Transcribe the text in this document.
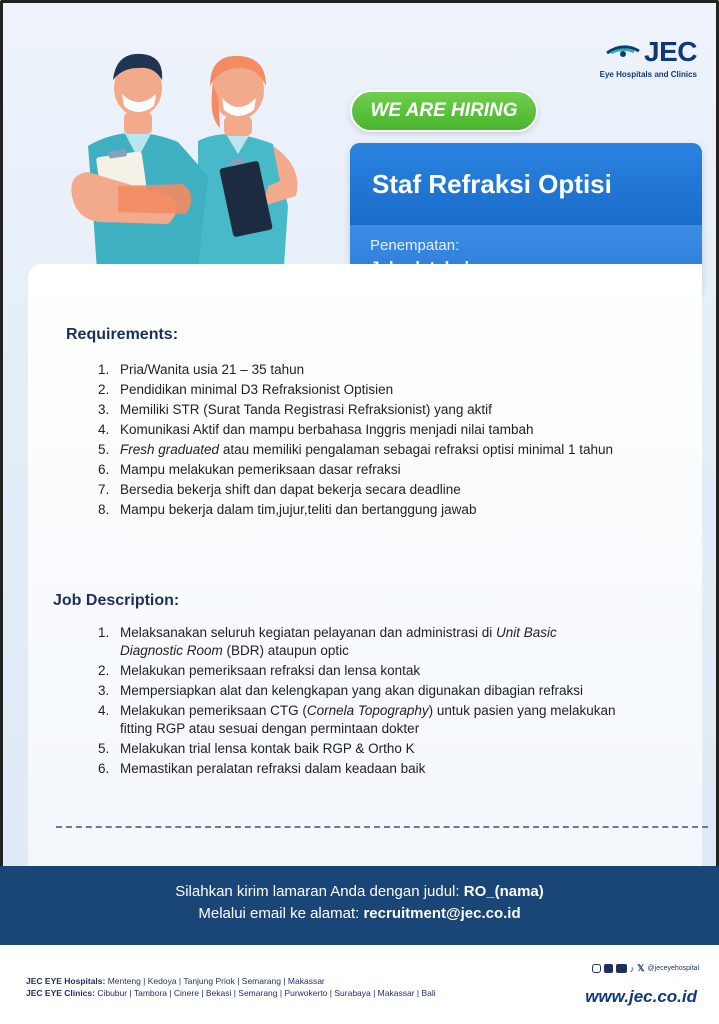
JEC
Eye Hospitals and Clinics
WE ARE HIRING
Staf Refraksi Optisi
Penempatan:
Requirements:
1. Pria/Wanita usia 21 – 35 tahun
2. Pendidikan minimal D3 Refraksionist Optisien
3. Memiliki STR (Surat Tanda Registrasi Refraksionist) yang aktif
4. Komunikasi Aktif dan mampu berbahasa Inggris menjadi nilai tambah
5. Fresh graduated atau memiliki pengalaman sebagai refraksi optisi minimal 1 tahun
6. Mampu melakukan pemeriksaan dasar refraksi
7. Bersedia bekerja shift dan dapat bekerja secara deadline
8. Mampu bekerja dalam tim,jujur,teliti dan bertanggung jawab
Job Description:
1. Melaksanakan seluruh kegiatan pelayanan dan administrasi di Unit Basic Diagnostic Room (BDR) ataupun optic
2. Melakukan pemeriksaan refraksi dan lensa kontak
3. Mempersiapkan alat dan kelengkapan yang akan digunakan dibagian refraksi
4. Melakukan pemeriksaan CTG (Cornela Topography) untuk pasien yang melakukan fitting RGP atau sesuai dengan permintaan dokter
5. Melakukan trial lensa kontak baik RGP & Ortho K
6. Memastikan peralatan refraksi dalam keadaan baik
Silahkan kirim lamaran Anda dengan judul: RO_(nama)
Melalui email ke alamat: recruitment@jec.co.id
JEC EYE Hospitals: Menteng | Kedoya | Tanjung Priok | Semarang | Makassar
JEC EYE Clinics: Cibubur | Tambora | Cinere | Bekasi | Semarang | Purwokerto | Surabaya | Makassar | Bali
♪ 𝕏 @jeceyehospital
www.jec.co.id
